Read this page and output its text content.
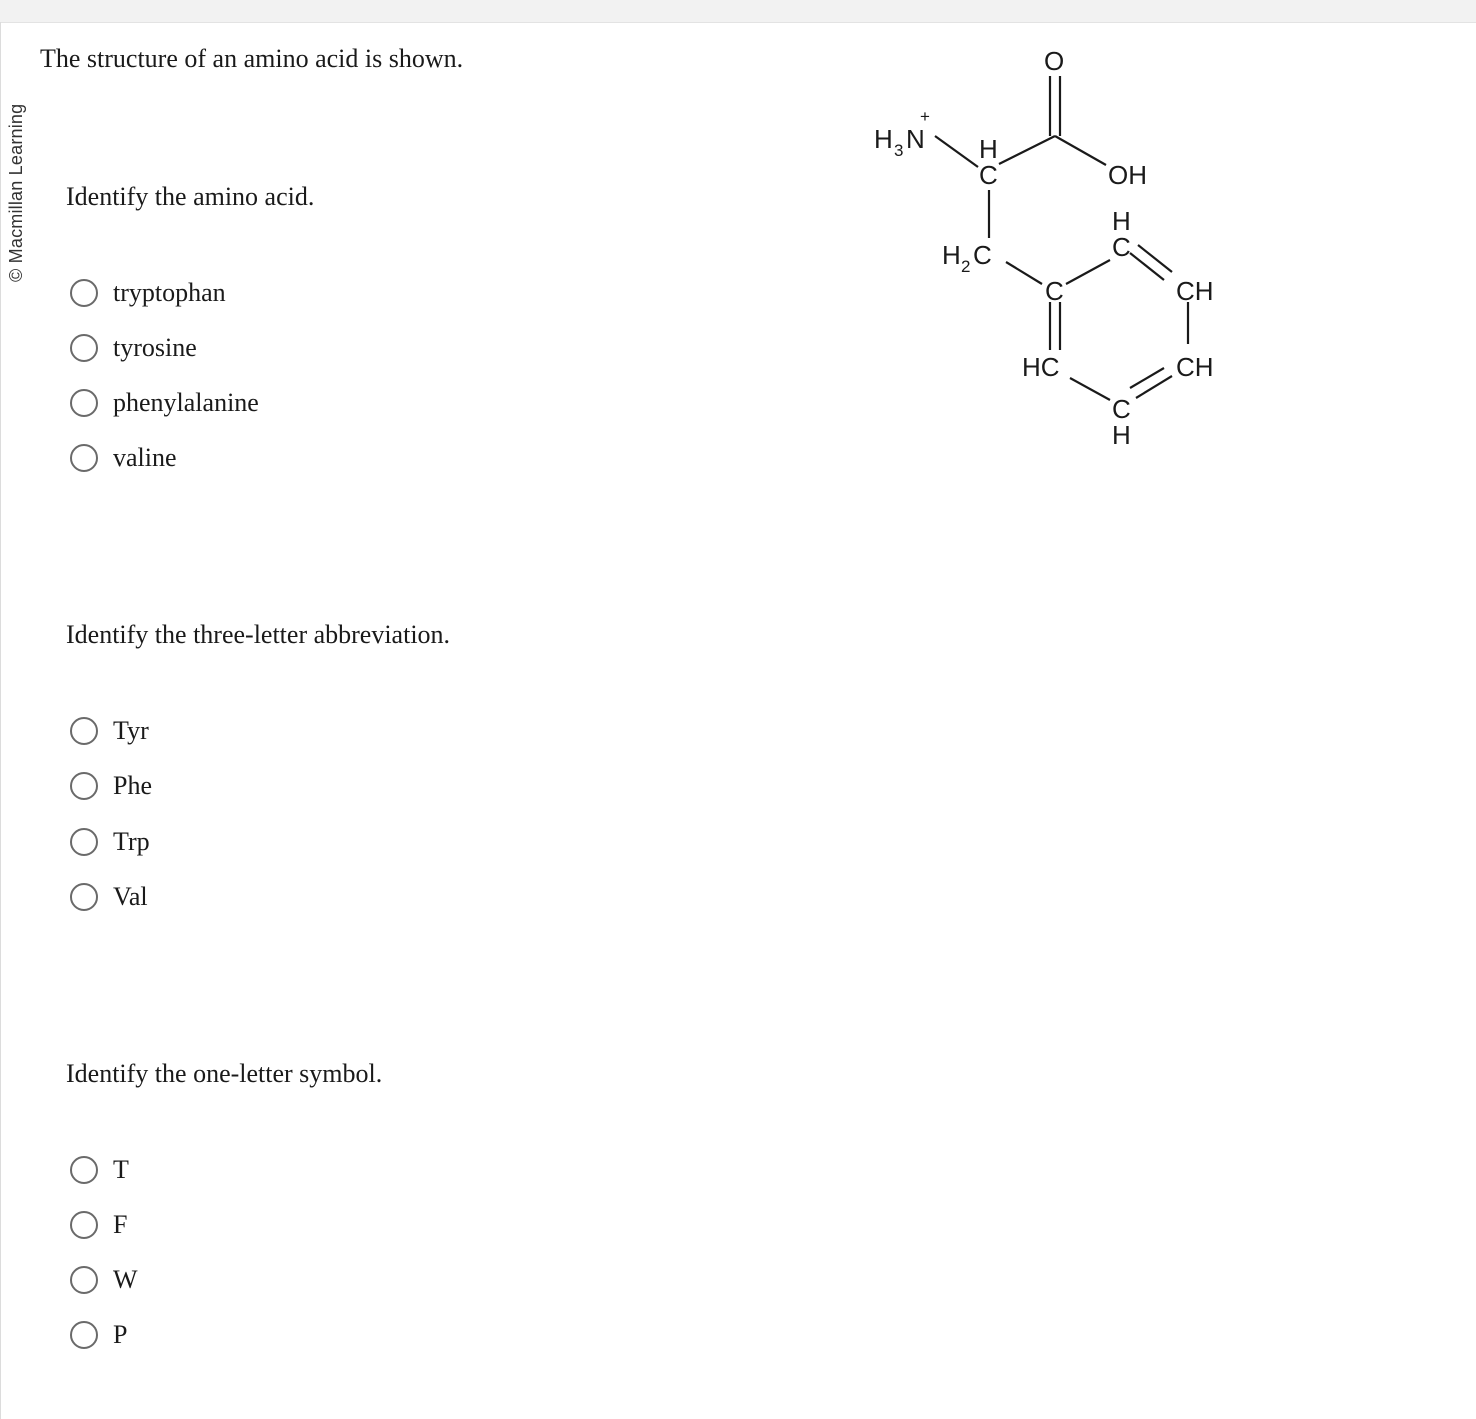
© Macmillan Learning
The structure of an amino acid is shown.
H 3 N
+
H
C
O
OH
H 2 C
C
H
C
CH
CH
HC
C
H
Identify the amino acid.
tryptophan
tyrosine
phenylalanine
valine
Identify the three-letter abbreviation.
Tyr
Phe
Trp
Val
Identify the one-letter symbol.
T
F
W
P
